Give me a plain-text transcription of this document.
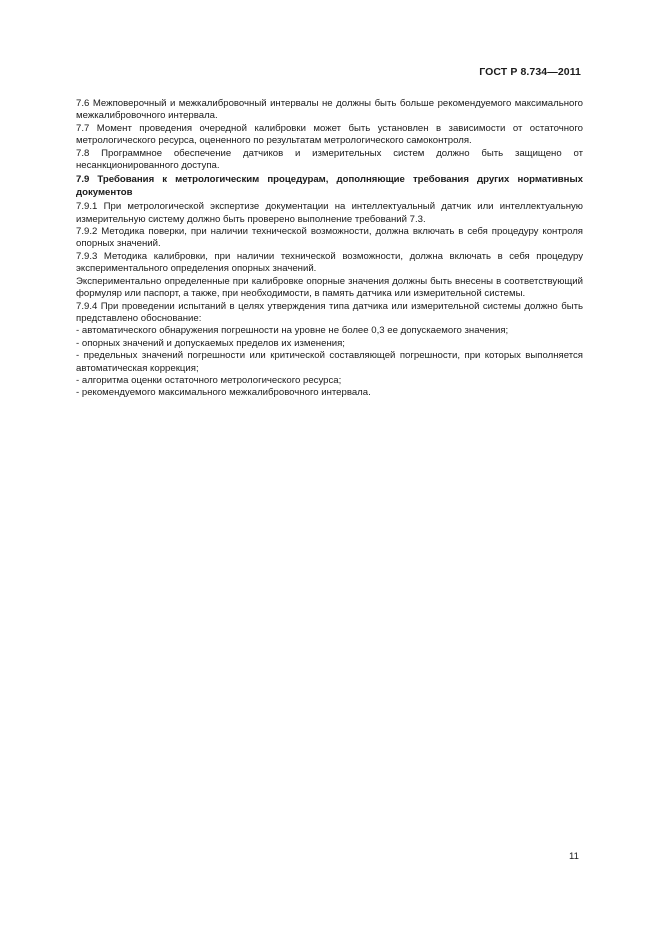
ГОСТ Р 8.734—2011

7.6 Межповерочный и межкалибровочный интервалы не должны быть больше рекомендуемого максимального межкалибровочного интервала.

7.7 Момент проведения очередной калибровки может быть установлен в зависимости от остаточного метрологического ресурса, оцененного по результатам метрологического самоконтроля.

7.8 Программное обеспечение датчиков и измерительных систем должно быть защищено от несанкционированного доступа.

7.9 Требования к метрологическим процедурам, дополняющие требования других нормативных документов

7.9.1 При метрологической экспертизе документации на интеллектуальный датчик или интеллектуальную измерительную систему должно быть проверено выполнение требований 7.3.

7.9.2 Методика поверки, при наличии технической возможности, должна включать в себя процедуру контроля опорных значений.

7.9.3 Методика калибровки, при наличии технической возможности, должна включать в себя процедуру экспериментального определения опорных значений.

Экспериментально определенные при калибровке опорные значения должны быть внесены в соответствующий формуляр или паспорт, а также, при необходимости, в память датчика или измерительной системы.

7.9.4 При проведении испытаний в целях утверждения типа датчика или измерительной системы должно быть представлено обоснование:

- автоматического обнаружения погрешности на уровне не более 0,3 ее допускаемого значения;

- опорных значений и допускаемых пределов их изменения;

- предельных значений погрешности или критической составляющей погрешности, при которых выполняется автоматическая коррекция;

- алгоритма оценки остаточного метрологического ресурса;

- рекомендуемого максимального межкалибровочного интервала.

11
